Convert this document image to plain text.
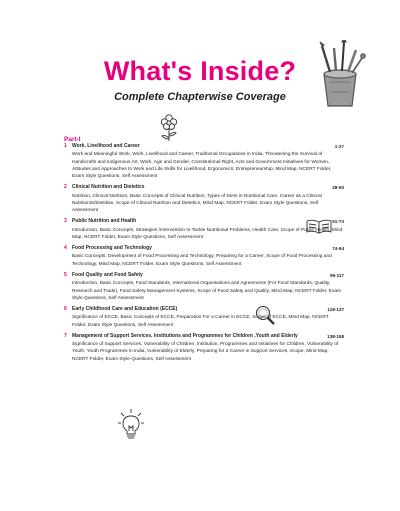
What's Inside?

Complete Chapterwise Coverage

Part-I
1 Work, Livelihood and Career	1-27
Work and Meaningful Work, Work, Livelihood and Career, Traditional Occupations in India, Threatening the Survival of Handicrafts and Indigenous Art, Work, Age and Gender, Constitutional Right, Acts and Government Initiatives for Women, Attitudes and Approaches to Work and Life Skills for Livelihood, Ergonomics, Entrepreneurship, Mind Map, NCERT Folder, Exam Style Questions, Self Assessment
2 Clinical Nutrition and Dietetics	28-50
Nutrition, Clinical Nutrition, Basic Concepts of Clinical Nutrition, Types of Diets in Nutritional Care, Career as a Clinical Nutritionist/Dietitian, Scope of Clinical Nutrition and Dietetics, Mind Map, NCERT Folder, Exam Style Questions, Self Assessment
3 Public Nutrition and Health	51-73
Introduction, Basic Concepts, Strategies /Intervention to Tackle Nutritional Problems, Health Care, Scope of Public Health, Mind Map, NCERT Folder, Exam Style Questions, Self Assessment
4 Food Processing and Technology	74-94
Basic Concepts, Development of Food Processing and Technology, Preparing for a Career, Scope of Food Processing and Technology, Mind Map, NCERT Folder, Exam Style Questions, Self Assessment
5 Food Quality and Food Safety	95-117
Introduction, Basic Concepts, Food Standards, International Organisations and Agreements (For Food Standards, Quality, Research and Trade), Food Safety Management Systems, Scope of Food Safety and Quality, Mind Map, NCERT Folder, Exam Style Questions, Self Assessment
6 Early Childhood Care and Education (ECCE)	118-137
Significance of ECCE, Basic Concepts of ECCE, Preparation For a Career in ECCE, Scope of ECCE, Mind Map, NCERT Folder, Exam Style Questions, Self Assessment
7 Management of Support Services, Institutions and Programmes for Children ,Youth and Elderly	138-158
Significance of Support Services, Vulnerability of Children, Institution, Programmes and Initiatives for Children, Vulnerability of Youth, Youth Programmes in India, Vulnerability of Elderly, Preparing for a Career in Support Services, Scope, Mind Map, NCERT Folder, Exam Style Questions, Self Assessment
